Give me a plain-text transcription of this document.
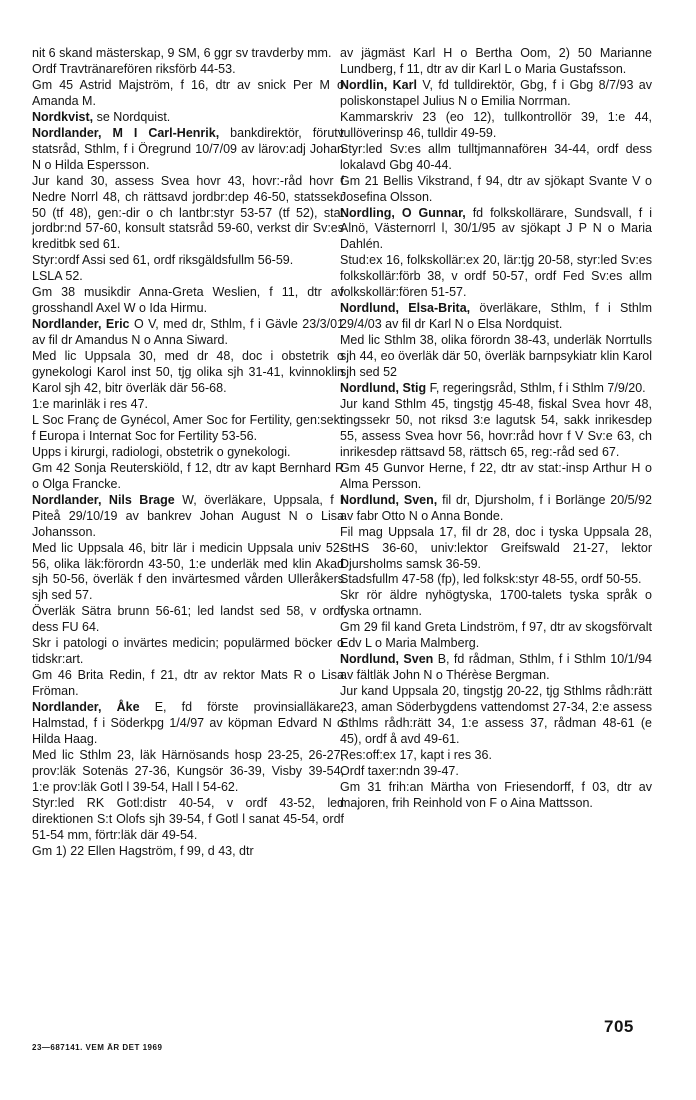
nit 6 skand mästerskap, 9 SM, 6 ggr sv travderby mm.

Ordf Travtränarefören riksförb 44-53.

Gm 45 Astrid Majström, f 16, dtr av snick Per M o Amanda M.

Nordkvist, se Nordquist.

Nordlander, M I Carl-Henrik, bankdirektör, förutv statsråd, Sthlm, f i Öregrund 10/7/09 av lärov:adj Johan N o Hilda Espersson.

Jur kand 30, assess Svea hovr 43, hovr:-råd hovr f Nedre Norrl 48, ch rättsavd jordbr:dep 46-50, statssekr 50 (tf 48), gen:-dir o ch lantbr:styr 53-57 (tf 52), stat jordbr:nd 57-60, konsult statsråd 59-60, verkst dir Sv:es kreditbk sed 61.

Styr:ordf Assi sed 61, ordf riksgäldsfullm 56-59.

LSLA 52.

Gm 38 musikdir Anna-Greta Weslien, f 11, dtr av grosshandl Axel W o Ida Hirmu.

Nordlander, Eric O V, med dr, Sthlm, f i Gävle 23/3/01 av fil dr Amandus N o Anna Siward.

Med lic Uppsala 30, med dr 48, doc i obstetrik o gynekologi Karol inst 50, tjg olika sjh 31-41, kvinnoklin Karol sjh 42, bitr överläk där 56-68.

1:e marinläk i res 47.

L Soc Franç de Gynécol, Amer Soc for Fertility, gen:sekr f Europa i Internat Soc for Fertility 53-56.

Upps i kirurgi, radiologi, obstetrik o gynekologi.

Gm 42 Sonja Reuterskiöld, f 12, dtr av kapt Bernhard R o Olga Francke.

Nordlander, Nils Brage W, överläkare, Uppsala, f i Piteå 29/10/19 av bankrev Johan August N o Lisa Johansson.

Med lic Uppsala 46, bitr lär i medicin Uppsala univ 52-56, olika läk:förordn 43-50, 1:e underläk med klin Akad sjh 50-56, överläk f den invärtesmed vården Ulleråkers sjh sed 57.

Överläk Sätra brunn 56-61; led landst sed 58, v ordf dess FU 64.

Skr i patologi o invärtes medicin; populärmed böcker o tidskr:art.

Gm 46 Brita Redin, f 21, dtr av rektor Mats R o Lisa Fröman.

Nordlander, Åke E, fd förste provinsialläkare, Halmstad, f i Söderkpg 1/4/97 av köpman Edvard N o Hilda Haag.

Med lic Sthlm 23, läk Härnösands hosp 23-25, 26-27, prov:läk Sotenäs 27-36, Kungsör 36-39, Visby 39-54, 1:e prov:läk Gotl l 39-54, Hall l 54-62.

Styr:led RK Gotl:distr 40-54, v ordf 43-52, led direktionen S:t Olofs sjh 39-54, f Gotl l sanat 45-54, ordf 51-54 mm, förtr:läk där 49-54.

Gm 1) 22 Ellen Hagström, f 99, d 43, dtr

av jägmäst Karl H o Bertha Oom, 2) 50 Marianne Lundberg, f 11, dtr av dir Karl L o Maria Gustafsson.

Nordlin, Karl V, fd tulldirektör, Gbg, f i Gbg 8/7/93 av poliskonstapel Julius N o Emilia Norrman.

Kammarskriv 23 (eo 12), tullkontrollör 39, 1:e 44, tullöverinsp 46, tulldir 49-59.

Styr:led Sv:es allm tulltjmannaförен 34-44, ordf dess lokalavd Gbg 40-44.

Gm 21 Bellis Vikstrand, f 94, dtr av sjökapt Svante V o Josefina Olsson.

Nordling, O Gunnar, fd folkskollärare, Sundsvall, f i Alnö, Västernorrl l, 30/1/95 av sjökapt J P N o Maria Dahlén.

Stud:ex 16, folkskollär:ex 20, lär:tjg 20-58, styr:led Sv:es folkskollär:förb 38, v ordf 50-57, ordf Fed Sv:es allm folkskollär:fören 51-57.

Nordlund, Elsa-Brita, överläkare, Sthlm, f i Sthlm 29/4/03 av fil dr Karl N o Elsa Nordquist.

Med lic Sthlm 38, olika förordn 38-43, underläk Norrtulls sjh 44, eo överläk där 50, överläk barnpsykiatr klin Karol sjh sed 52

Nordlund, Stig F, regeringsråd, Sthlm, f i Sthlm 7/9/20.

Jur kand Sthlm 45, tingstjg 45-48, fiskal Svea hovr 48, tingssekr 50, not riksd 3:e lagutsk 54, sakk inrikesdep 55, assess Svea hovr 56, hovr:råd hovr f V Sv:e 63, ch inrikesdep rättsavd 58, rättsch 65, reg:-råd sed 67.

Gm 45 Gunvor Herne, f 22, dtr av stat:-insp Arthur H o Alma Persson.

Nordlund, Sven, fil dr, Djursholm, f i Borlänge 20/5/92 av fabr Otto N o Anna Bonde.

Fil mag Uppsala 17, fil dr 28, doc i tyska Uppsala 28, StHS 36-60, univ:lektor Greifswald 21-27, lektor Djursholms samsk 36-59.

Stadsfullm 47-58 (fp), led folksk:styr 48-55, ordf 50-55.

Skr rör äldre nyhögtyska, 1700-talets tyska språk o tyska ortnamn.

Gm 29 fil kand Greta Lindström, f 97, dtr av skogsförvalt Edv L o Maria Malmberg.

Nordlund, Sven B, fd rådman, Sthlm, f i Sthlm 10/1/94 av fältläk John N o Thérèse Bergman.

Jur kand Uppsala 20, tingstjg 20-22, tjg Sthlms rådh:rätt 23, aman Söderbygdens vattendomst 27-34, 2:e assess Sthlms rådh:rätt 34, 1:e assess 37, rådman 48-61 (e 45), ordf å avd 49-61.

Res:off:ex 17, kapt i res 36.

Ordf taxer:ndn 39-47.

Gm 31 frih:an Märtha von Friesendorff, f 03, dtr av majoren, frih Reinhold von F o Aina Mattsson.

23—687141. VEM ÄR DET 1969
705
